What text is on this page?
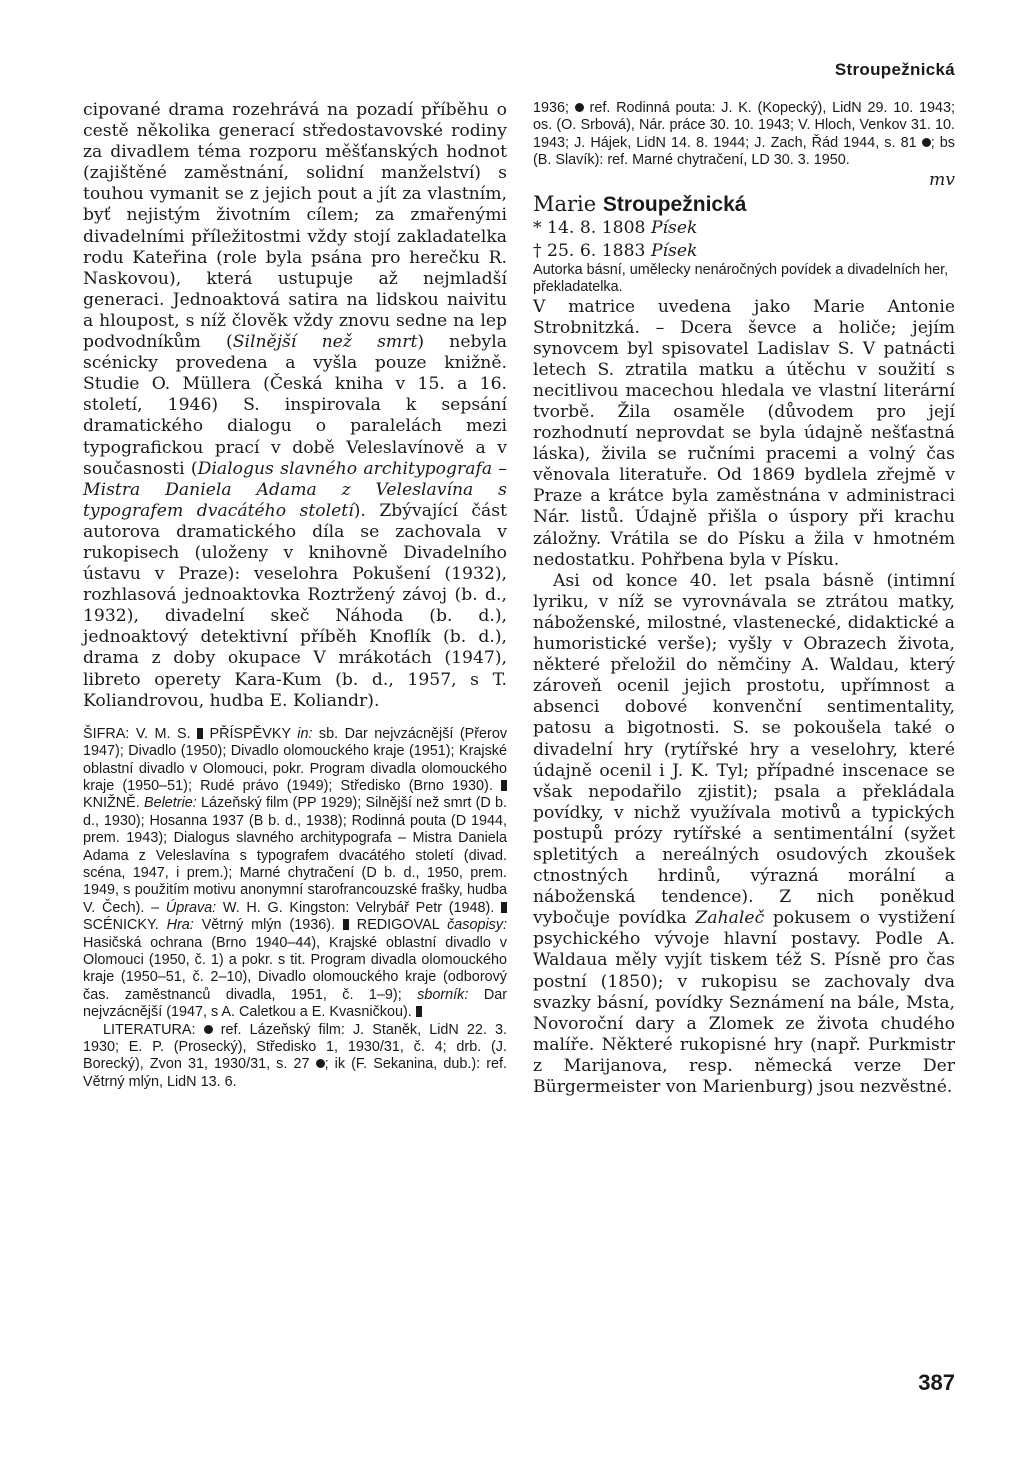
Stroupežnická

cipované drama rozehrává na pozadí příběhu o cestě několika generací středostavovské rodiny za divadlem téma rozporu měšťanských hodnot (zajištěné zaměstnání, solidní manželství) s touhou vymanit se z jejich pout a jít za vlastním, byť nejistým životním cílem; za zmařenými divadelními příležitostmi vždy stojí zakladatelka rodu Kateřina (role byla psána pro herečku R. Naskovou), která ustupuje až nejmladší generaci. Jednoaktová satira na lidskou naivitu a hloupost, s níž člověk vždy znovu sedne na lep podvodníkům (Silnější než smrt) nebyla scénicky provedena a vyšla pouze knižně. Studie O. Müllera (Česká kniha v 15. a 16. století, 1946) S. inspirovala k sepsání dramatického dialogu o paralelách mezi typografickou prací v době Veleslavínově a v současnosti (Dialogus slavného architypografa – Mistra Daniela Adama z Veleslavína s typografem dvacátého století). Zbývající část autorova dramatického díla se zachovala v rukopisech (uloženy v knihovně Divadelního ústavu v Praze): veselohra Pokušení (1932), rozhlasová jednoaktovka Roztržený závoj (b. d., 1932), divadelní skeč Náhoda (b. d.), jednoaktový detektivní příběh Knoflík (b. d.), drama z doby okupace V mrákotách (1947), libreto operety Kara-Kum (b. d., 1957, s T. Koliandrovou, hudba E. Koliandr).

ŠIFRA: V. M. S. PŘÍSPĚVKY in: sb. Dar nejvzácnější (Přerov 1947); Divadlo (1950); Divadlo olomouckého kraje (1951); Krajské oblastní divadlo v Olomouci, pokr. Program divadla olomouckého kraje (1950–51); Rudé právo (1949); Středisko (Brno 1930).  KNIŽNĚ. Beletrie: Lázeňský film (PP 1929); Silnější než smrt (D b. d., 1930); Hosanna 1937 (B b. d., 1938); Rodinná pouta (D 1944, prem. 1943); Dialogus slavného architypografa – Mistra Daniela Adama z Veleslavína s typografem dvacátého století (divad. scéna, 1947, i prem.); Marné chytračení (D b. d., 1950, prem. 1949, s použitím motivu anonymní starofrancouzské frašky, hudba V. Čech). – Úprava: W. H. G. Kingston: Velrybář Petr (1948).  SCÉNICKY. Hra: Větrný mlýn (1936). REDIGOVAL časopisy: Hasičská ochrana (Brno 1940–44), Krajské oblastní divadlo v Olomouci (1950, č. 1) a pokr. s tit. Program divadla olomouckého kraje (1950–51, č. 2–10), Divadlo olomouckého kraje (odborový čas. zaměstnanců divadla, 1951, č. 1–9); sborník: Dar nejvzácnější (1947, s A. Caletkou a E. Kvasničkou).

LITERATURA: ref. Lázeňský film: J. Staněk, LidN 22. 3. 1930; E. P. (Prosecký), Středisko 1, 1930/31, č. 4; drb. (J. Borecký), Zvon 31, 1930/31, s. 27 ; ik (F. Sekanina, dub.): ref. Větrný mlýn, LidN 13. 6.

1936; ref. Rodinná pouta: J. K. (Kopecký), LidN 29. 10. 1943; os. (O. Srbová), Nár. práce 30. 10. 1943; V. Hloch, Venkov 31. 10. 1943; J. Hájek, LidN 14. 8. 1944; J. Zach, Řád 1944, s. 81 ; bs (B. Slavík): ref. Marné chytračení, LD 30. 3. 1950.

mv

Marie Stroupežnická

* 14. 8. 1808 Písek

† 25. 6. 1883 Písek

Autorka básní, umělecky nenáročných povídek a divadelních her, překladatelka.

V matrice uvedena jako Marie Antonie Strobnitzká. – Dcera ševce a holiče; jejím synovcem byl spisovatel Ladislav S. V patnácti letech S. ztratila matku a útěchu v soužití s necitlivou macechou hledala ve vlastní literární tvorbě. Žila osaměle (důvodem pro její rozhodnutí neprovdat se byla údajně nešťastná láska), živila se ručními pracemi a volný čas věnovala literatuře. Od 1869 bydlela zřejmě v Praze a krátce byla zaměstnána v administraci Nár. listů. Údajně přišla o úspory při krachu záložny. Vrátila se do Písku a žila v hmotném nedostatku. Pohřbena byla v Písku.

Asi od konce 40. let psala básně (intimní lyriku, v níž se vyrovnávala se ztrátou matky, náboženské, milostné, vlastenecké, didaktické a humoristické verše); vyšly v Obrazech života, některé přeložil do němčiny A. Waldau, který zároveň ocenil jejich prostotu, upřímnost a absenci dobové konvenční sentimentality, patosu a bigotnosti. S. se pokoušela také o divadelní hry (rytířské hry a veselohry, které údajně ocenil i J. K. Tyl; případné inscenace se však nepodařilo zjistit); psala a překládala povídky, v nichž využívala motivů a typických postupů prózy rytířské a sentimentální (syžet spletitých a nereálných osudových zkoušek ctnostných hrdinů, výrazná morální a náboženská tendence). Z nich poněkud vybočuje povídka Zahaleč pokusem o vystižení psychického vývoje hlavní postavy. Podle A. Waldaua měly vyjít tiskem též S. Písně pro čas postní (1850); v rukopisu se zachovaly dva svazky básní, povídky Seznámení na bále, Msta, Novoroční dary a Zlomek ze života chudého malíře. Některé rukopisné hry (např. Purkmistr z Marijanova, resp. německá verze Der Bürgermeister von Marienburg) jsou nezvěstné.

387
